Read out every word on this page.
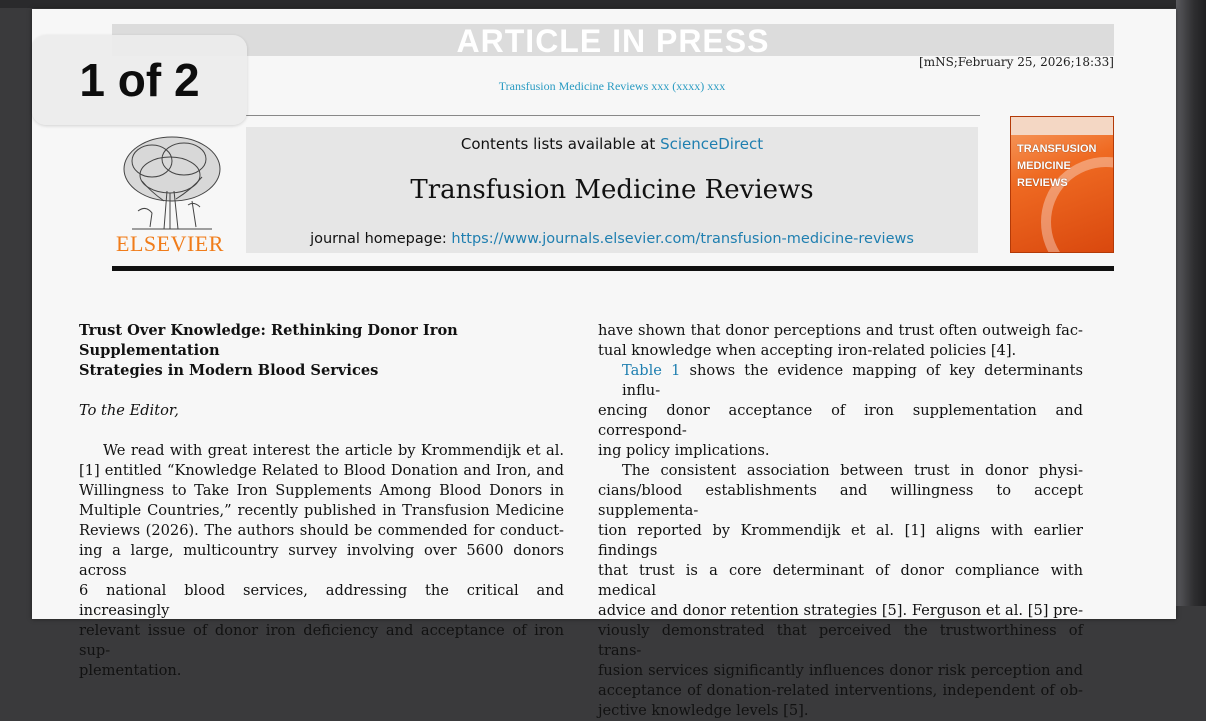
ARTICLE IN PRESS
[mNS;February 25, 2026;18:33]
Transfusion Medicine Reviews xxx (xxxx) xxx
ELSEVIER
Contents lists available at ScienceDirect
Transfusion Medicine Reviews
journal homepage: https://www.journals.elsevier.com/transfusion-medicine-reviews
TRANSFUSION
MEDICINE
REVIEWS
Trust Over Knowledge: Rethinking Donor Iron Supplementation
Strategies in Modern Blood Services
To the Editor,
We read with great interest the article by Krommendijk et al.
[1] entitled “Knowledge Related to Blood Donation and Iron, and
Willingness to Take Iron Supplements Among Blood Donors in
Multiple Countries,” recently published in Transfusion Medicine
Reviews (2026). The authors should be commended for conduct-
ing a large, multicountry survey involving over 5600 donors across
6 national blood services, addressing the critical and increasingly
relevant issue of donor iron deficiency and acceptance of iron sup-
plementation.
have shown that donor perceptions and trust often outweigh fac-
tual knowledge when accepting iron-related policies [4].
Table 1 shows the evidence mapping of key determinants influ-
encing donor acceptance of iron supplementation and correspond-
ing policy implications.
The consistent association between trust in donor physi-
cians/blood establishments and willingness to accept supplementa-
tion reported by Krommendijk et al. [1] aligns with earlier findings
that trust is a core determinant of donor compliance with medical
advice and donor retention strategies [5]. Ferguson et al. [5] pre-
viously demonstrated that perceived the trustworthiness of trans-
fusion services significantly influences donor risk perception and
acceptance of donation-related interventions, independent of ob-
jective knowledge levels [5].
1 of 2
